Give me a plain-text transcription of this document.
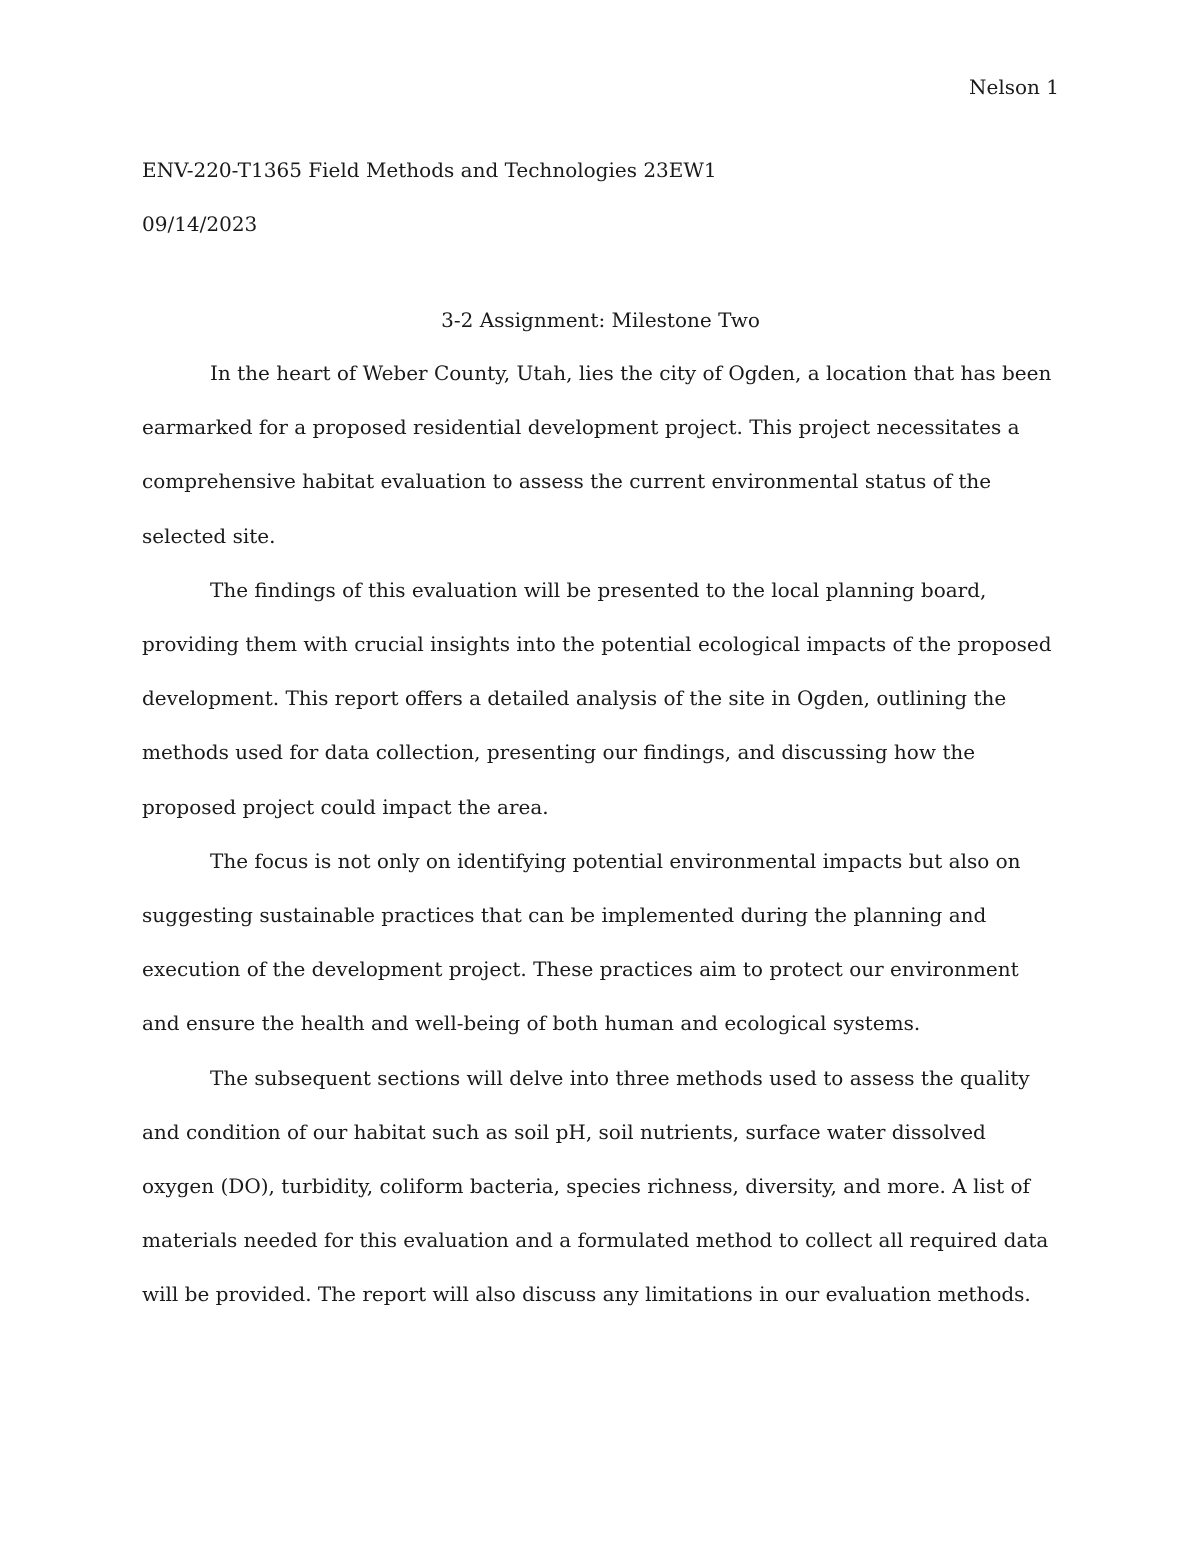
Nelson 1
ENV-220-T1365 Field Methods and Technologies 23EW1
09/14/2023
3-2 Assignment: Milestone Two

In the heart of Weber County, Utah, lies the city of Ogden, a location that has been earmarked for a proposed residential development project. This project necessitates a comprehensive habitat evaluation to assess the current environmental status of the selected site.

The findings of this evaluation will be presented to the local planning board, providing them with crucial insights into the potential ecological impacts of the proposed development. This report offers a detailed analysis of the site in Ogden, outlining the methods used for data collection, presenting our findings, and discussing how the proposed project could impact the area.

The focus is not only on identifying potential environmental impacts but also on suggesting sustainable practices that can be implemented during the planning and execution of the development project. These practices aim to protect our environment and ensure the health and well-being of both human and ecological systems.

The subsequent sections will delve into three methods used to assess the quality and condition of our habitat such as soil pH, soil nutrients, surface water dissolved oxygen (DO), turbidity, coliform bacteria, species richness, diversity, and more. A list of materials needed for this evaluation and a formulated method to collect all required data will be provided. The report will also discuss any limitations in our evaluation methods.
